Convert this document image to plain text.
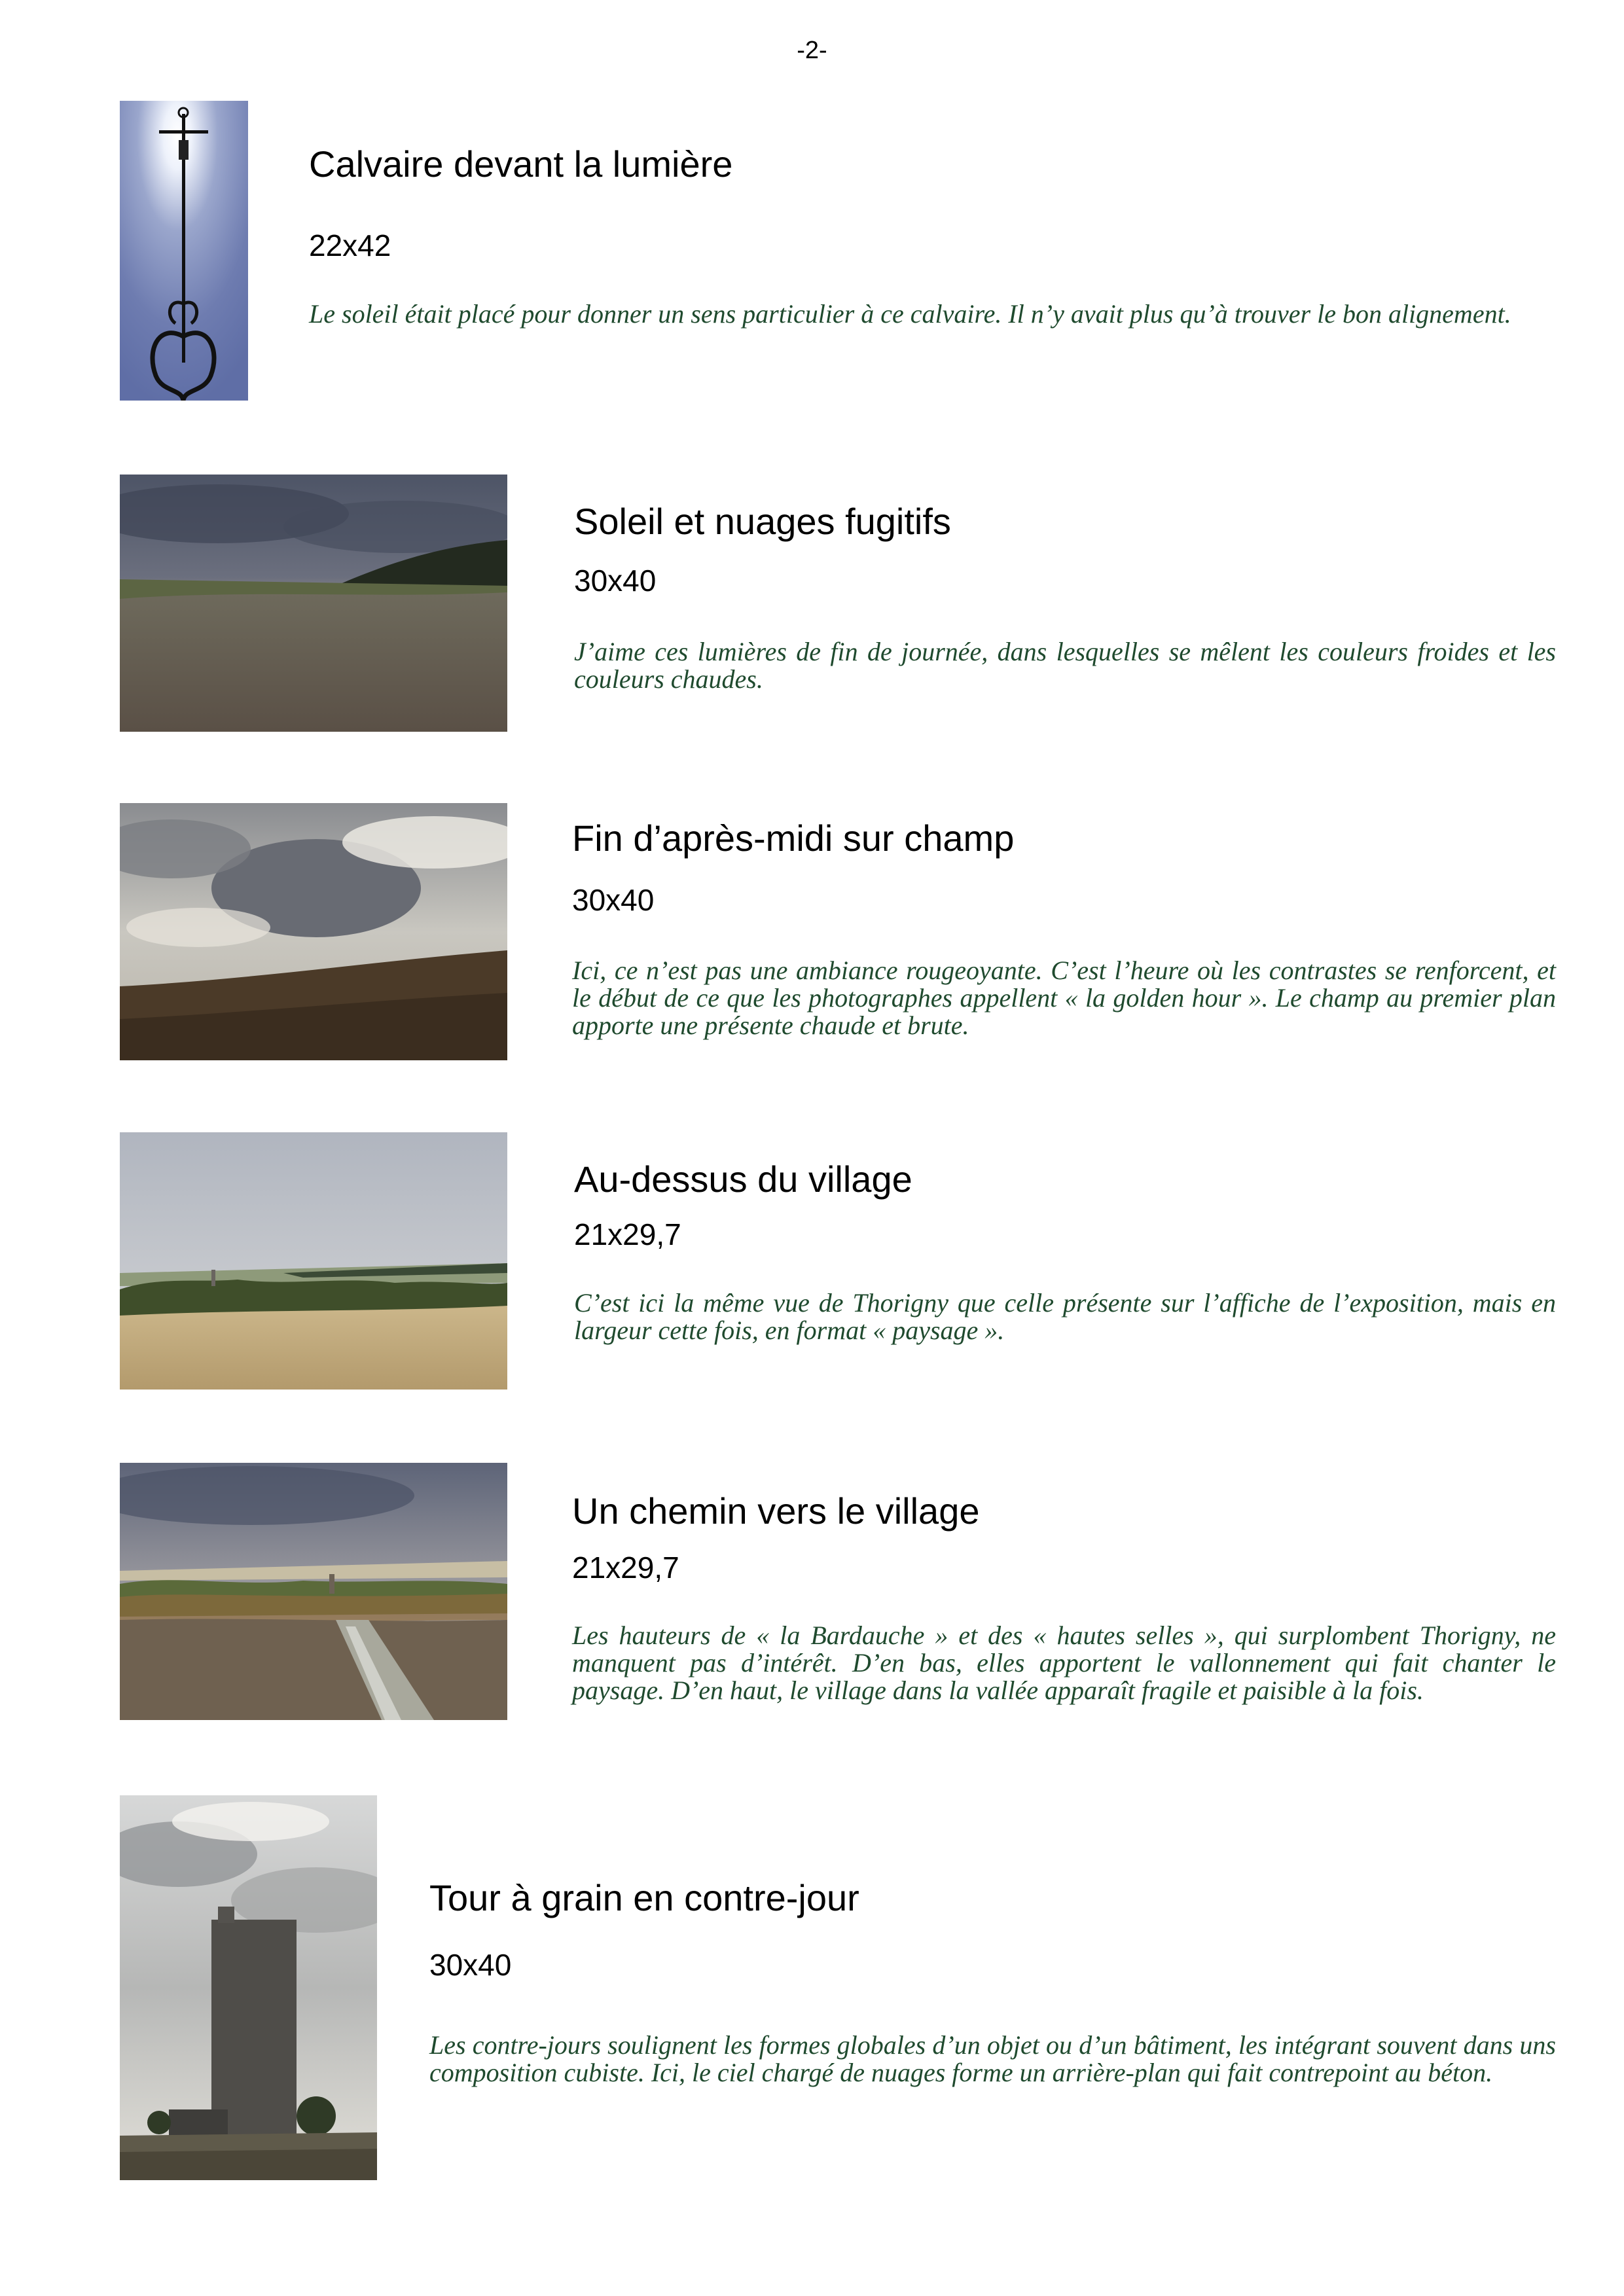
-2-

Calvaire devant la lumière

22x42

Le soleil était placé pour donner un sens particulier à ce calvaire. Il n’y avait plus qu’à trouver le bon alignement.

Soleil et nuages fugitifs

30x40

J’aime ces lumières de fin de journée, dans lesquelles se mêlent les couleurs froides et les couleurs chaudes.

Fin d’après-midi sur champ

30x40

Ici, ce n’est pas une ambiance rougeoyante. C’est l’heure où les contrastes se renforcent, et le début de ce que les photographes appellent « la golden hour ». Le champ au premier plan apporte une présente chaude et brute.

Au-dessus du village

21x29,7

C’est ici la même vue de Thorigny que celle présente sur l’affiche de l’exposition, mais en largeur cette fois, en format « paysage ».

Un chemin vers le village

21x29,7

Les hauteurs de « la Bardauche » et des « hautes selles », qui surplombent Thorigny, ne manquent pas d’intérêt. D’en bas, elles apportent le vallonnement qui fait chanter le paysage. D’en haut, le village dans la vallée apparaît fragile et paisible à la fois.

Tour à grain en contre-jour

30x40

Les contre-jours soulignent les formes globales d’un objet ou d’un bâtiment, les intégrant souvent dans uns composition cubiste. Ici, le ciel chargé de nuages forme un arrière-plan qui fait contrepoint au béton.
